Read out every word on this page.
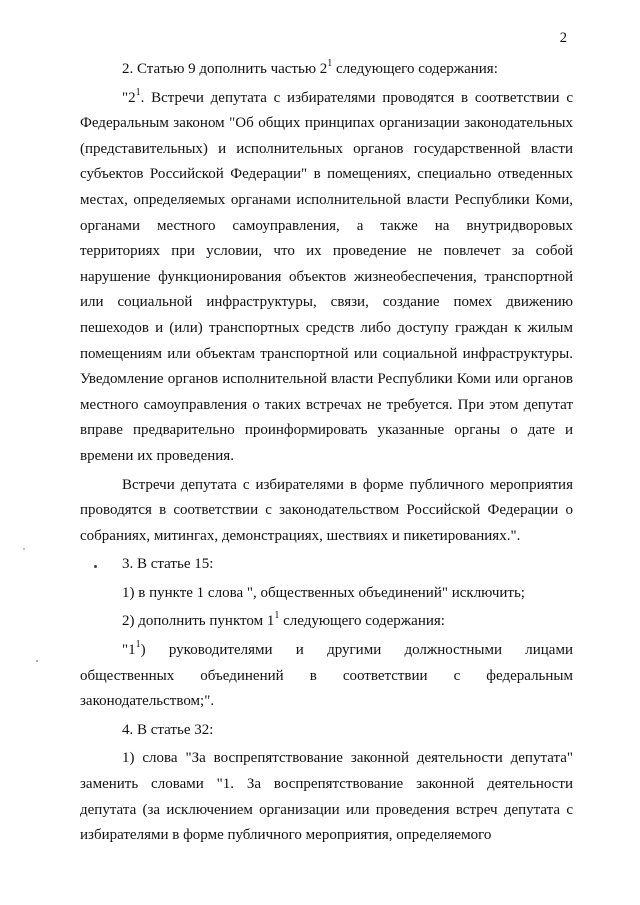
2

2. Статью 9 дополнить частью $2^1$ следующего содержания:

"$2^1$. Встречи депутата с избирателями проводятся в соответствии с Федеральным законом "Об общих принципах организации законодательных (представительных) и исполнительных органов государственной власти субъектов Российской Федерации" в помещениях, специально отведенных местах, определяемых органами исполнительной власти Республики Коми, органами местного самоуправления, а также на внутридворовых территориях при условии, что их проведение не повлечет за собой нарушение функционирования объектов жизнеобеспечения, транспортной или социальной инфраструктуры, связи, создание помех движению пешеходов и (или) транспортных средств либо доступу граждан к жилым помещениям или объектам транспортной или социальной инфраструктуры. Уведомление органов исполнительной власти Республики Коми или органов местного самоуправления о таких встречах не требуется. При этом депутат вправе предварительно проинформировать указанные органы о дате и времени их проведения.

Встречи депутата с избирателями в форме публичного мероприятия проводятся в соответствии с законодательством Российской Федерации о собраниях, митингах, демонстрациях, шествиях и пикетированиях.".

3. В статье 15:

1) в пункте 1 слова ", общественных объединений" исключить;

2) дополнить пунктом $1^1$ следующего содержания:

"$1^1$) руководителями и другими должностными лицами общественных объединений в соответствии с федеральным законодательством;".

4. В статье 32:

1) слова "За воспрепятствование законной деятельности депутата" заменить словами "1. За воспрепятствование законной деятельности депутата (за исключением организации или проведения встреч депутата с избирателями в форме публичного мероприятия, определяемого
